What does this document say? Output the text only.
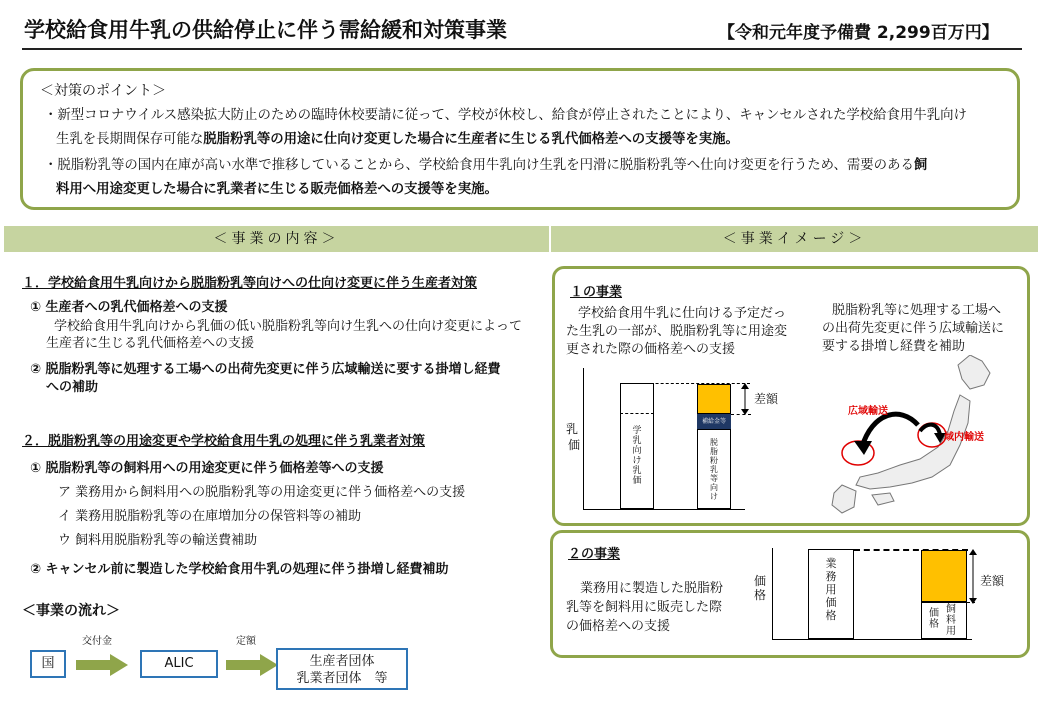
学校給食用牛乳の供給停止に伴う需給緩和対策事業	【令和元年度予備費 2,299百万円】
＜対策のポイント＞
・新型コロナウイルス感染拡大防止のための臨時休校要請に従って、学校が休校し、給食が停止されたことにより、キャンセルされた学校給食用牛乳向け
生乳を長期間保存可能な脱脂粉乳等の用途に仕向け変更した場合に生産者に生じる乳代価格差への支援等を実施。
・脱脂粉乳等の国内在庫が高い水準で推移していることから、学校給食用牛乳向け生乳を円滑に脱脂粉乳等へ仕向け変更を行うため、需要のある飼
料用へ用途変更した場合に乳業者に生じる販売価格差への支援等を実施。
＜事業の内容＞	＜事業イメージ＞
１．学校給食用牛乳向けから脱脂粉乳等向けへの仕向け変更に伴う生産者対策
① 生産者への乳代価格差への支援
学校給食用牛乳向けから乳価の低い脱脂粉乳等向け生乳への仕向け変更によって
生産者に生じる乳代価格差への支援
② 脱脂粉乳等に処理する工場への出荷先変更に伴う広域輸送に要する掛増し経費
への補助
２．脱脂粉乳等の用途変更や学校給食用牛乳の処理に伴う乳業者対策
① 脱脂粉乳等の飼料用への用途変更に伴う価格差等への支援
ア 業務用から飼料用への脱脂粉乳等の用途変更に伴う価格差への支援
イ 業務用脱脂粉乳等の在庫増加分の保管料等の補助
ウ 飼料用脱脂粉乳等の輸送費補助
② キャンセル前に製造した学校給食用牛乳の処理に伴う掛増し経費補助
＜事業の流れ＞
国
交付金
ALIC
定額
生産者団体
乳業者団体　等
１の事業
学校給食用牛乳に仕向ける予定だっ
た生乳の一部が、脱脂粉乳等に用途変
更された際の価格差への支援
乳
価
学
乳
向
け
乳
価
補給金等
脱
脂
粉
乳
等
向
け
差額
脱脂粉乳等に処理する工場へ
の出荷先変更に伴う広域輸送に
要する掛増し経費を補助
広域輸送
域内輸送
２の事業
業務用に製造した脱脂粉
乳等を飼料用に販売した際
の価格差への支援
価
格
業
務
用
価
格	価
格
飼
料
用
差額
